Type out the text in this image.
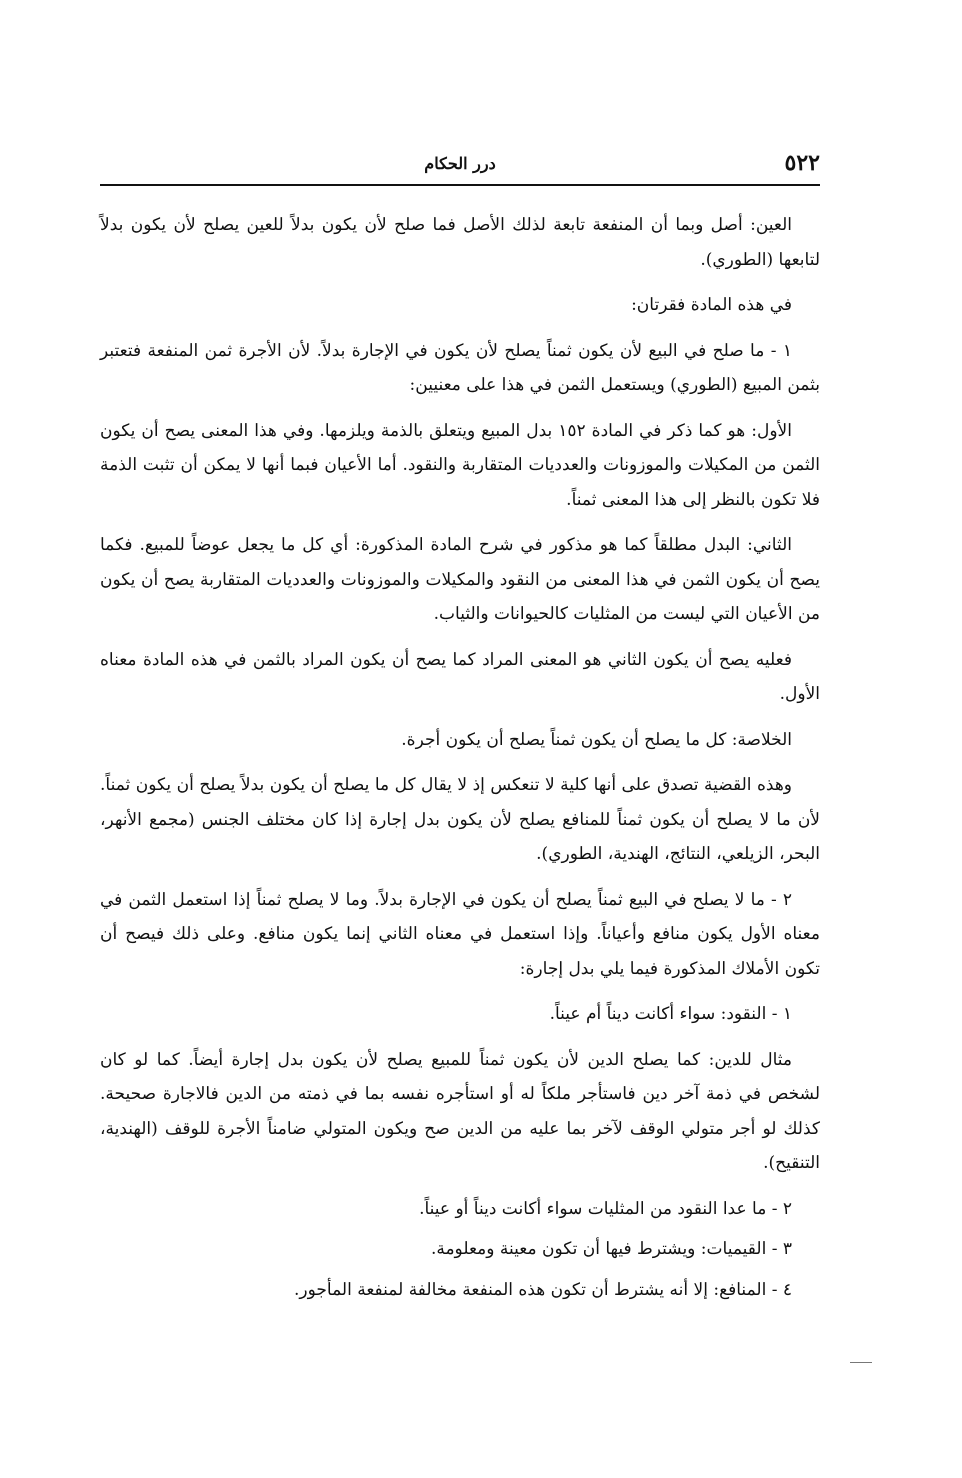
٥٢٢
درر الحكام

العين: أصل وبما أن المنفعة تابعة لذلك الأصل فما صلح لأن يكون بدلاً للعين يصلح لأن يكون بدلاً لتابعها (الطوري).

في هذه المادة فقرتان:

١ - ما صلح في البيع لأن يكون ثمناً يصلح لأن يكون في الإجارة بدلاً. لأن الأجرة ثمن المنفعة فتعتبر بثمن المبيع (الطوري) ويستعمل الثمن في هذا على معنيين:

الأول: هو كما ذكر في المادة ١٥٢ بدل المبيع ويتعلق بالذمة ويلزمها. وفي هذا المعنى يصح أن يكون الثمن من المكيلات والموزونات والعدديات المتقاربة والنقود. أما الأعيان فبما أنها لا يمكن أن تثبت الذمة فلا تكون بالنظر إلى هذا المعنى ثمناً.

الثاني: البدل مطلقاً كما هو مذكور في شرح المادة المذكورة: أي كل ما يجعل عوضاً للمبيع. فكما يصح أن يكون الثمن في هذا المعنى من النقود والمكيلات والموزونات والعدديات المتقاربة يصح أن يكون من الأعيان التي ليست من المثليات كالحيوانات والثياب.

فعليه يصح أن يكون الثاني هو المعنى المراد كما يصح أن يكون المراد بالثمن في هذه المادة معناه الأول.

الخلاصة: كل ما يصلح أن يكون ثمناً يصلح أن يكون أجرة.

وهذه القضية تصدق على أنها كلية لا تنعكس إذ لا يقال كل ما يصلح أن يكون بدلاً يصلح أن يكون ثمناً. لأن ما لا يصلح أن يكون ثمناً للمنافع يصلح لأن يكون بدل إجارة إذا كان مختلف الجنس (مجمع الأنهر، البحر، الزيلعي، النتائج، الهندية، الطوري).

٢ - ما لا يصلح في البيع ثمناً يصلح أن يكون في الإجارة بدلاً. وما لا يصلح ثمناً إذا استعمل الثمن في معناه الأول يكون منافع وأعياناً. وإذا استعمل في معناه الثاني إنما يكون منافع. وعلى ذلك فيصح أن تكون الأملاك المذكورة فيما يلي بدل إجارة:

١ - النقود: سواء أكانت ديناً أم عيناً.

مثال للدين: كما يصلح الدين لأن يكون ثمناً للمبيع يصلح لأن يكون بدل إجارة أيضاً. كما لو كان لشخص في ذمة آخر دين فاستأجر ملكاً له أو استأجره نفسه بما في ذمته من الدين فالاجارة صحيحة. كذلك لو أجر متولي الوقف لآخر بما عليه من الدين صح ويكون المتولي ضامناً الأجرة للوقف (الهندية، التنقيح).

٢ - ما عدا النقود من المثليات سواء أكانت ديناً أو عيناً.

٣ - القيميات: ويشترط فيها أن تكون معينة ومعلومة.

٤ - المنافع: إلا أنه يشترط أن تكون هذه المنفعة مخالفة لمنفعة المأجور.
